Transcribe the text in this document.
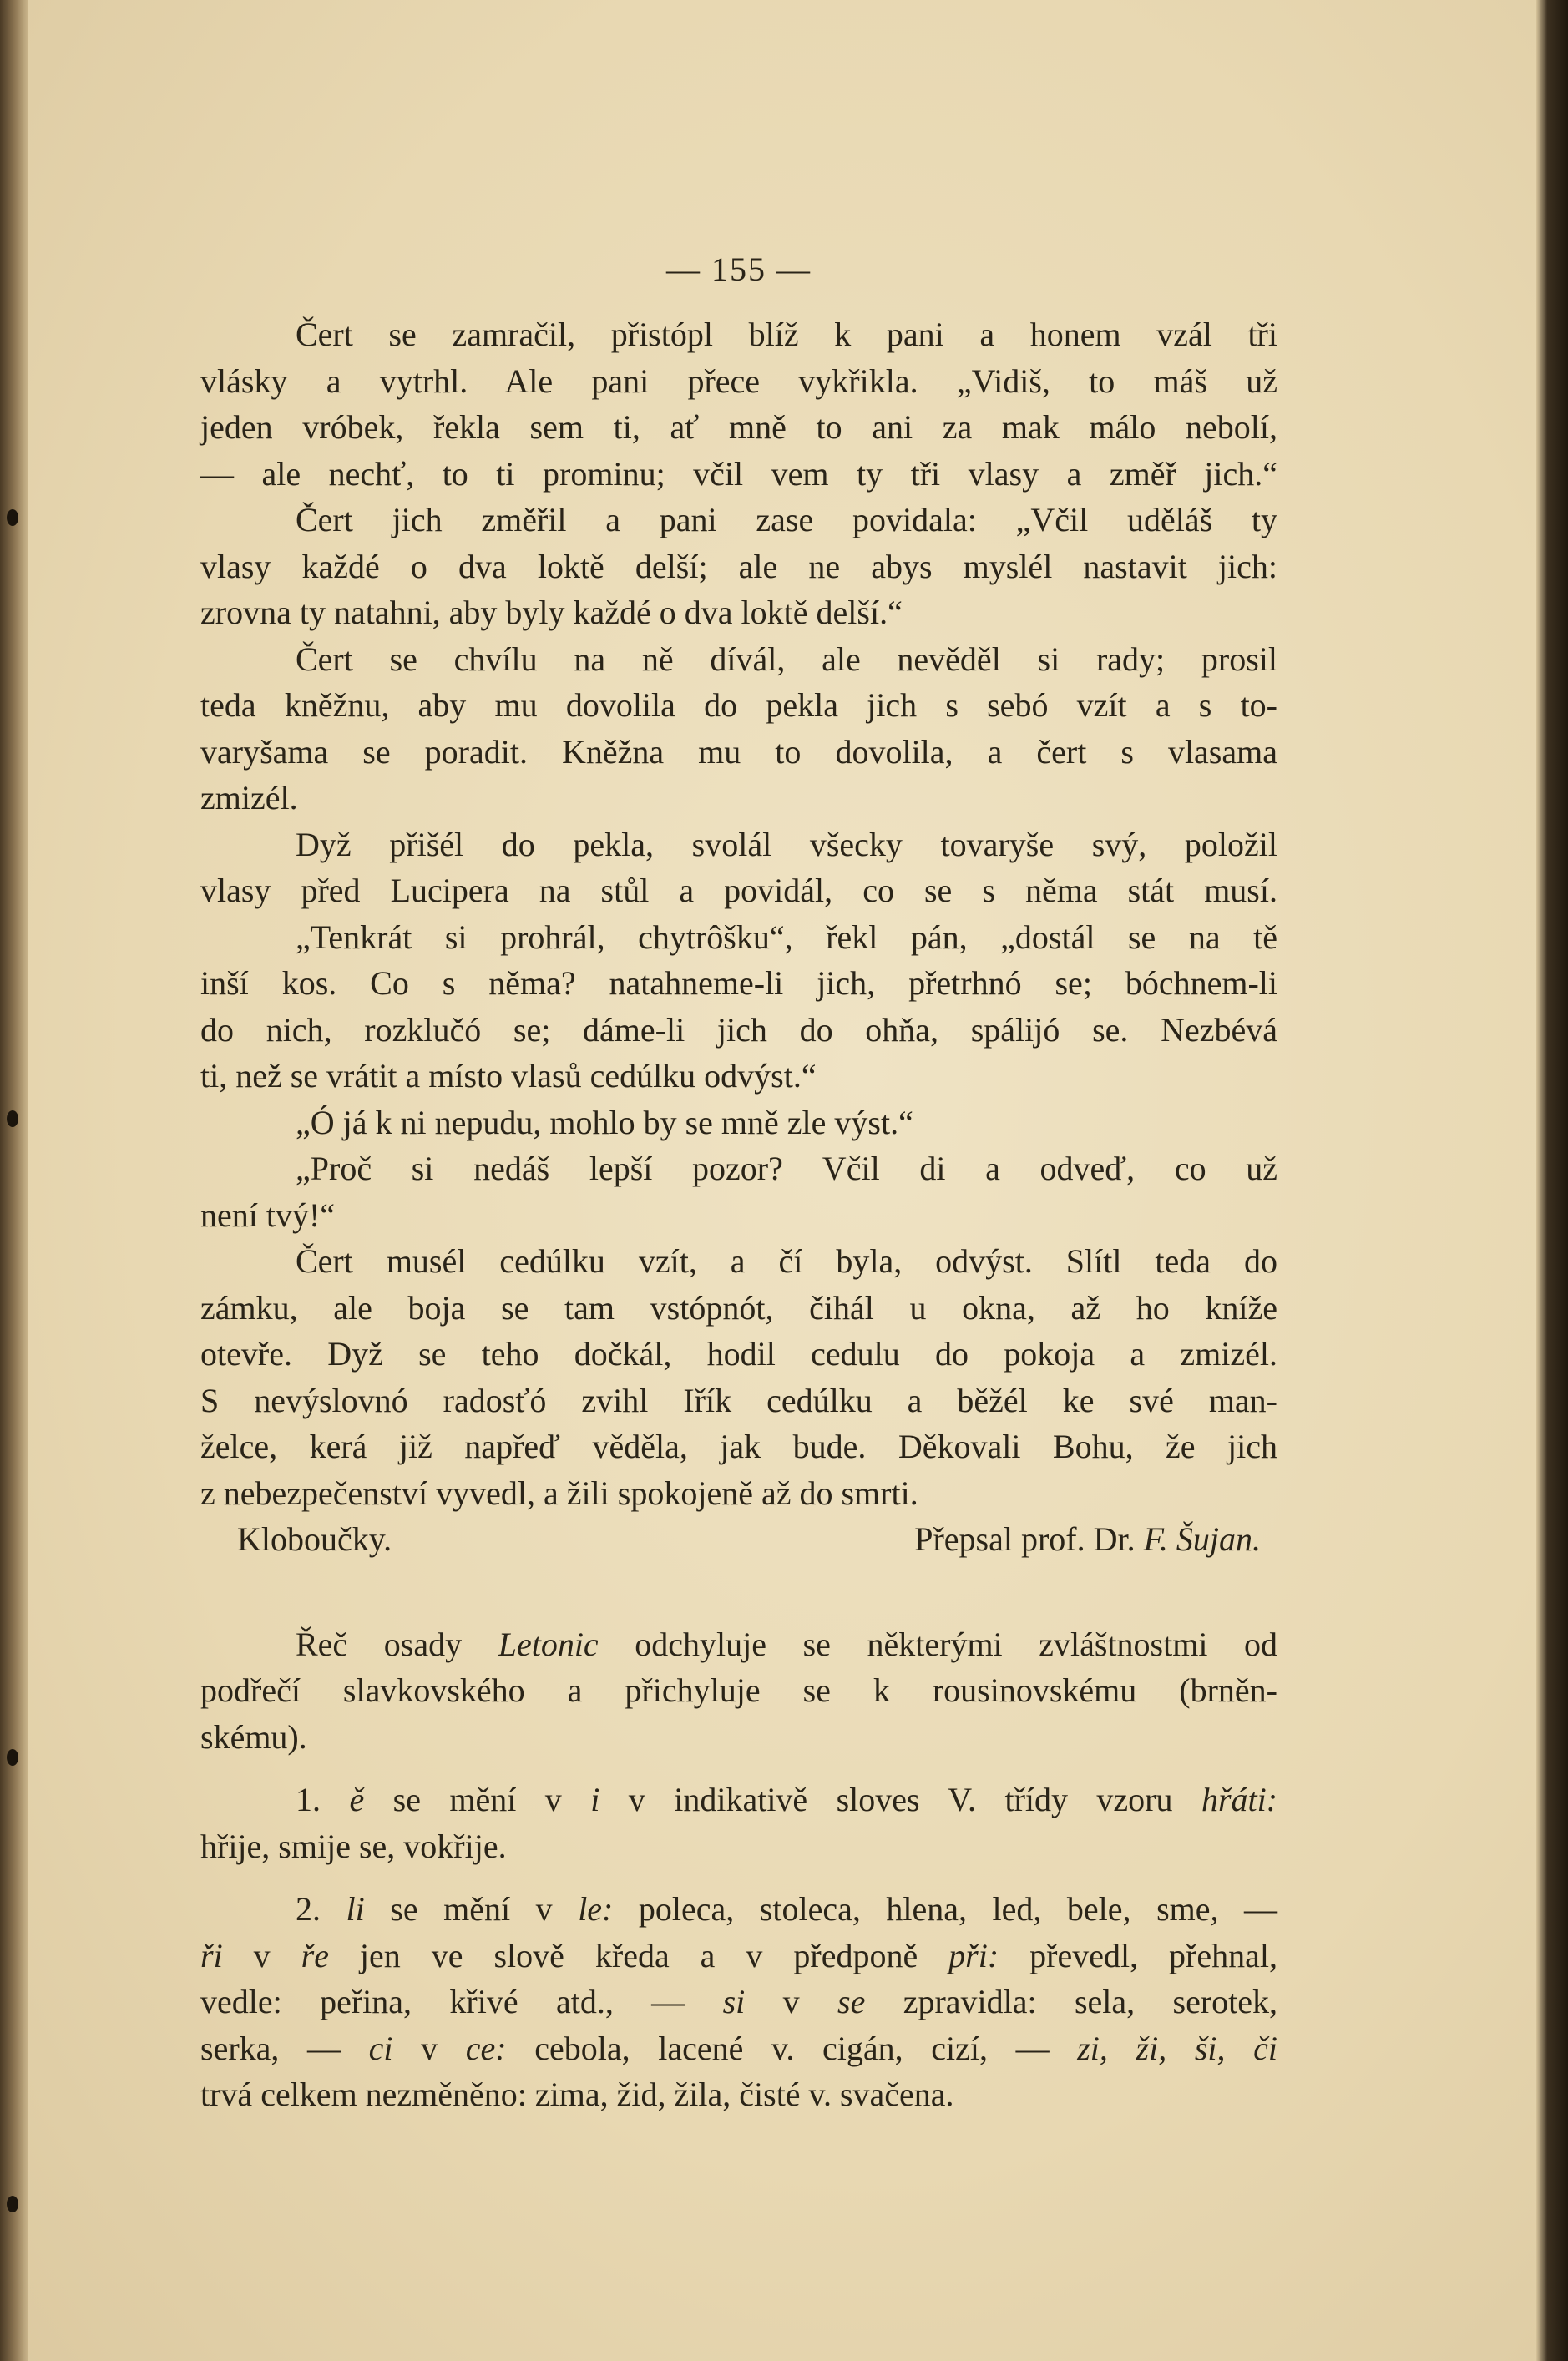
— 155 —
Čert se zamračil, přistópl blíž k pani a honem vzál tři
vlásky a vytrhl. Ale pani přece vykřikla. „Vidiš, to máš už
jeden vróbek, řekla sem ti, ať mně to ani za mak málo nebolí,
— ale nechť, to ti prominu; včil vem ty tři vlasy a změř jich.“
Čert jich změřil a pani zase povidala: „Včil uděláš ty
vlasy každé o dva loktě delší; ale ne abys myslél nastavit jich:
zrovna ty natahni, aby byly každé o dva loktě delší.“
Čert se chvílu na ně dívál, ale nevěděl si rady; prosil
teda kněžnu, aby mu dovolila do pekla jich s sebó vzít a s to-
varyšama se poradit. Kněžna mu to dovolila, a čert s vlasama
zmizél.
Dyž přišél do pekla, svolál všecky tovaryše svý, položil
vlasy před Lucipera na stůl a povidál, co se s něma stát musí.
„Tenkrát si prohrál, chytrôšku“, řekl pán, „dostál se na tě
inší kos. Co s něma? natahneme-li jich, přetrhnó se; bóchnem-li
do nich, rozklučó se; dáme-li jich do ohňa, spálijó se. Nezbévá
ti, než se vrátit a místo vlasů cedúlku odvýst.“
„Ó já k ni nepudu, mohlo by se mně zle výst.“
„Proč si nedáš lepší pozor? Včil di a odveď, co už
není tvý!“
Čert musél cedúlku vzít, a čí byla, odvýst. Slítl teda do
zámku, ale boja se tam vstópnót, čihál u okna, až ho kníže
otevře. Dyž se teho dočkál, hodil cedulu do pokoja a zmizél.
S nevýslovnó radosťó zvihl Iřík cedúlku a běžél ke své man-
želce, kerá již napřeď věděla, jak bude. Děkovali Bohu, že jich
z nebezpečenství vyvedl, a žili spokojeně až do smrti.
Kloboučky.	Přepsal prof. Dr. F. Šujan.
Řeč osady Letonic odchyluje se některými zvláštnostmi od
podřečí slavkovského a přichyluje se k rousinovskému (brněn-
skému).
1. ě se mění v i v indikativě sloves V. třídy vzoru hřáti:
hřije, smije se, vokřije.
2. li se mění v le: poleca, stoleca, hlena, led, bele, sme, —
ři v ře jen ve slově kředa a v předponě při: převedl, přehnal,
vedle: peřina, křivé atd., — si v se zpravidla: sela, serotek,
serka, — ci v ce: cebola, lacené v. cigán, cizí, — zi, ži, ši, či
trvá celkem nezměněno: zima, žid, žila, čisté v. svačena.
